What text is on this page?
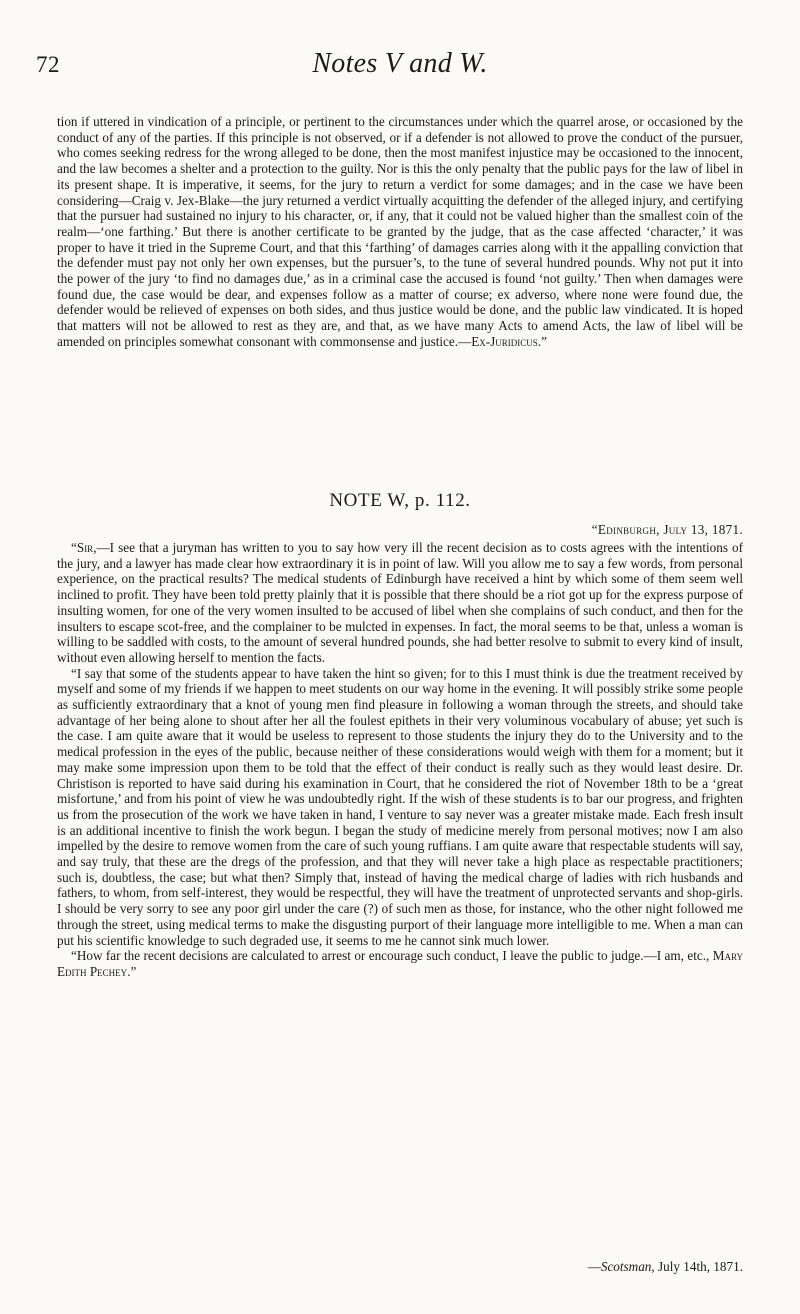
72	Notes V and W.

tion if uttered in vindication of a principle, or pertinent to the circumstances under which the quarrel arose, or occasioned by the conduct of any of the parties. If this principle is not observed, or if a defender is not allowed to prove the conduct of the pursuer, who comes seeking redress for the wrong alleged to be done, then the most manifest injustice may be occasioned to the innocent, and the law becomes a shelter and a protection to the guilty. Nor is this the only penalty that the public pays for the law of libel in its present shape. It is imperative, it seems, for the jury to return a verdict for some damages; and in the case we have been considering—Craig v. Jex-Blake—the jury returned a verdict virtually acquitting the defender of the alleged injury, and certifying that the pursuer had sustained no injury to his character, or, if any, that it could not be valued higher than the smallest coin of the realm—‘one farthing.’ But there is another certificate to be granted by the judge, that as the case affected ‘character,’ it was proper to have it tried in the Supreme Court, and that this ‘farthing’ of damages carries along with it the appalling conviction that the defender must pay not only her own expenses, but the pursuer’s, to the tune of several hundred pounds. Why not put it into the power of the jury ‘to find no damages due,’ as in a criminal case the accused is found ‘not guilty.’ Then when damages were found due, the case would be dear, and expenses follow as a matter of course; ex adverso, where none were found due, the defender would be relieved of expenses on both sides, and thus justice would be done, and the public law vindicated. It is hoped that matters will not be allowed to rest as they are, and that, as we have many Acts to amend Acts, the law of libel will be amended on principles somewhat consonant with commonsense and justice.—Ex-Juridicus.”

NOTE W, p. 112.
“Edinburgh, July 13, 1871.

“Sir,—I see that a juryman has written to you to say how very ill the recent decision as to costs agrees with the intentions of the jury, and a lawyer has made clear how extraordinary it is in point of law. Will you allow me to say a few words, from personal experience, on the practical results? The medical students of Edinburgh have received a hint by which some of them seem well inclined to profit. They have been told pretty plainly that it is possible that there should be a riot got up for the express purpose of insulting women, for one of the very women insulted to be accused of libel when she complains of such conduct, and then for the insulters to escape scot-free, and the complainer to be mulcted in expenses. In fact, the moral seems to be that, unless a woman is willing to be saddled with costs, to the amount of several hundred pounds, she had better resolve to submit to every kind of insult, without even allowing herself to mention the facts.

“I say that some of the students appear to have taken the hint so given; for to this I must think is due the treatment received by myself and some of my friends if we happen to meet students on our way home in the evening. It will possibly strike some people as sufficiently extraordinary that a knot of young men find pleasure in following a woman through the streets, and should take advantage of her being alone to shout after her all the foulest epithets in their very voluminous vocabulary of abuse; yet such is the case. I am quite aware that it would be useless to represent to those students the injury they do to the University and to the medical profession in the eyes of the public, because neither of these considerations would weigh with them for a moment; but it may make some impression upon them to be told that the effect of their conduct is really such as they would least desire. Dr. Christison is reported to have said during his examination in Court, that he considered the riot of November 18th to be a ‘great misfortune,’ and from his point of view he was undoubtedly right. If the wish of these students is to bar our progress, and frighten us from the prosecution of the work we have taken in hand, I venture to say never was a greater mistake made. Each fresh insult is an additional incentive to finish the work begun. I began the study of medicine merely from personal motives; now I am also impelled by the desire to remove women from the care of such young ruffians. I am quite aware that respectable students will say, and say truly, that these are the dregs of the profession, and that they will never take a high place as respectable practitioners; such is, doubtless, the case; but what then? Simply that, instead of having the medical charge of ladies with rich husbands and fathers, to whom, from self-interest, they would be respectful, they will have the treatment of unprotected servants and shop-girls. I should be very sorry to see any poor girl under the care (?) of such men as those, for instance, who the other night followed me through the street, using medical terms to make the disgusting purport of their language more intelligible to me. When a man can put his scientific knowledge to such degraded use, it seems to me he cannot sink much lower.

“How far the recent decisions are calculated to arrest or encourage such conduct, I leave the public to judge.—I am, etc., Mary Edith Pechey.”

—Scotsman, July 14th, 1871.
